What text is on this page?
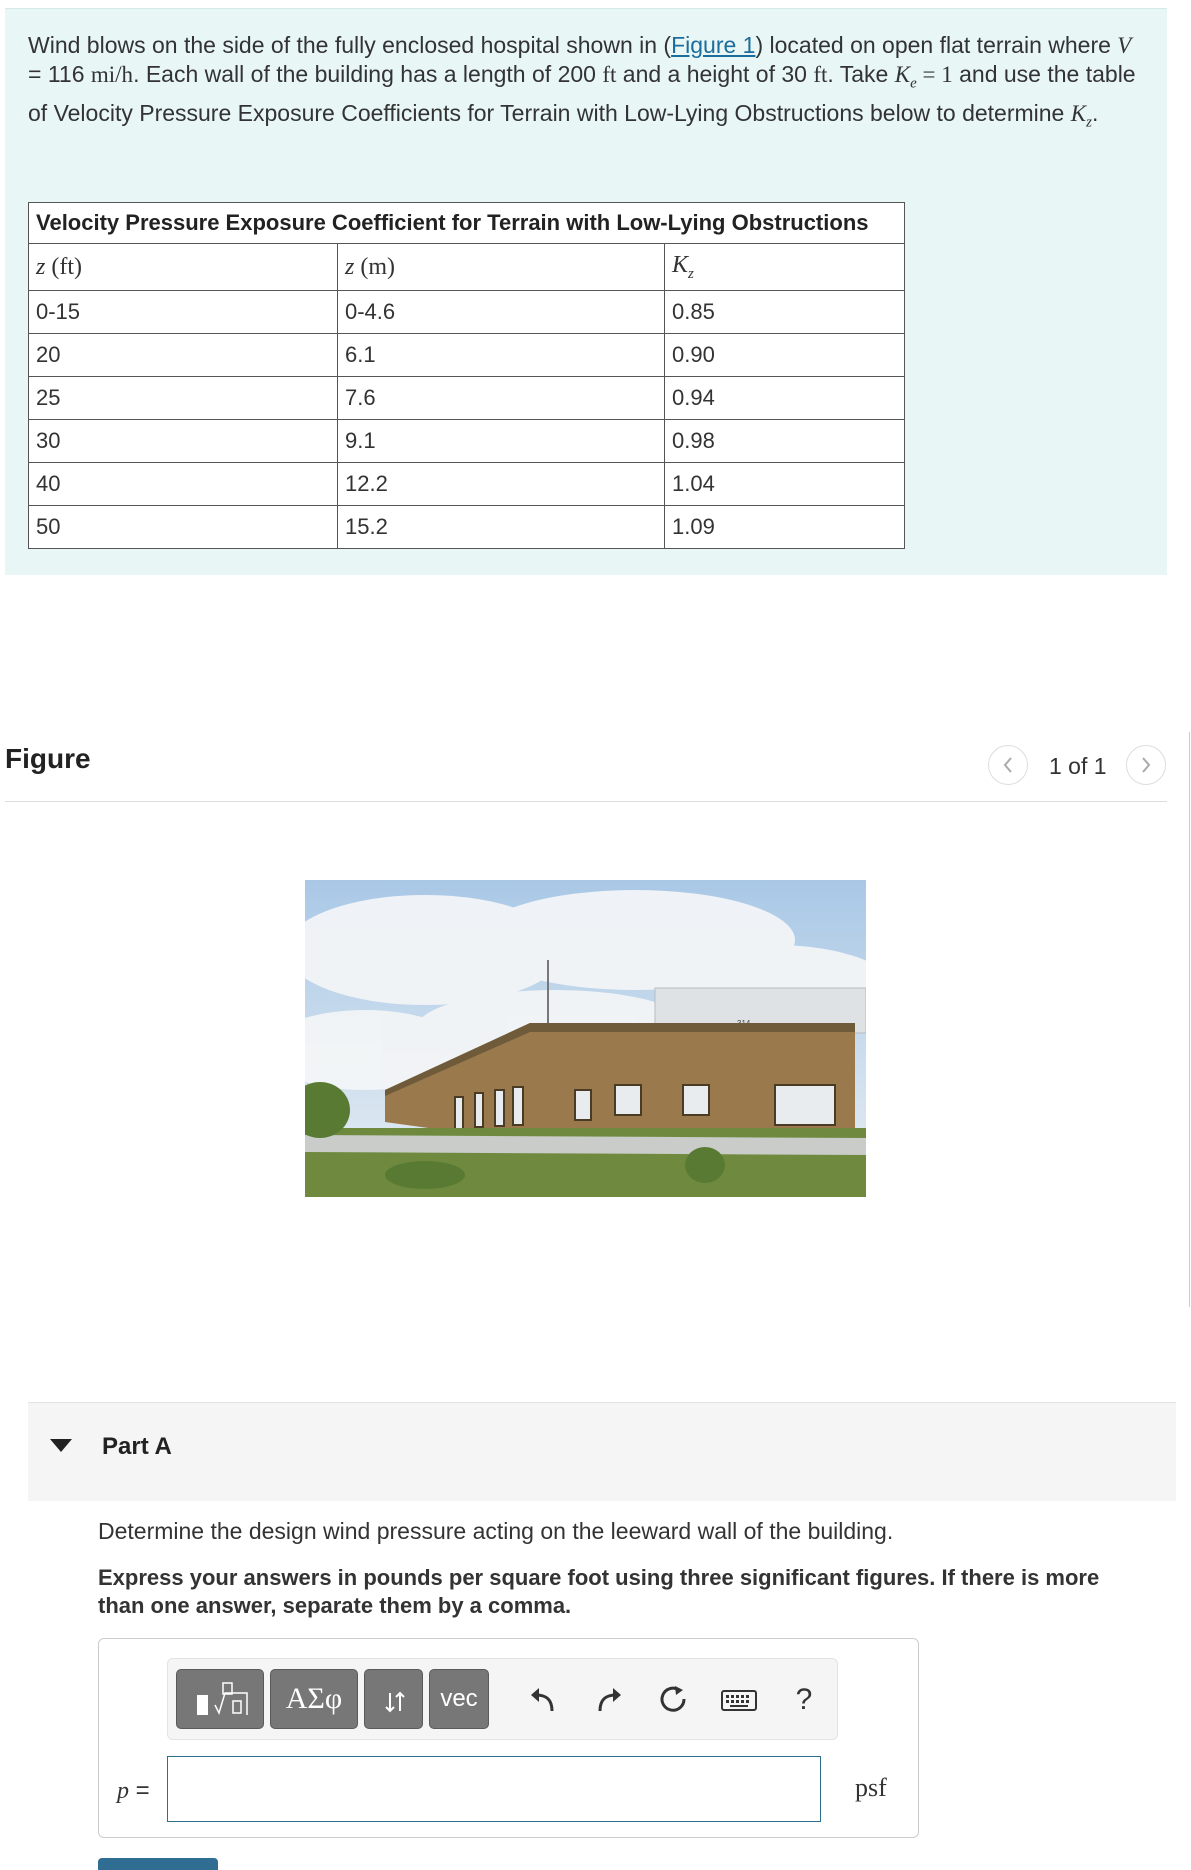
Wind blows on the side of the fully enclosed hospital shown in (Figure 1) located on open flat terrain where V = 116 mi/h. Each wall of the building has a length of 200 ft and a height of 30 ft. Take $K_e = 1$ and use the table of Velocity Pressure Exposure Coefficients for Terrain with Low-Lying Obstructions below to determine $K_z$.
Velocity Pressure Exposure Coefficient for Terrain with Low-Lying Obstructions		
z (ft)	z (m)	$K_z$
0-15	0-4.6	0.85
20	6.1	0.90
25	7.6	0.94
30	9.1	0.98
40	12.2	1.04
50	15.2	1.09
Figure	1 of 1
Part A
Determine the design wind pressure acting on the leeward wall of the building.
Express your answers in pounds per square foot using three significant figures. If there is more than one answer, separate them by a comma.
ΑΣφ	vec	?
p =	psf
